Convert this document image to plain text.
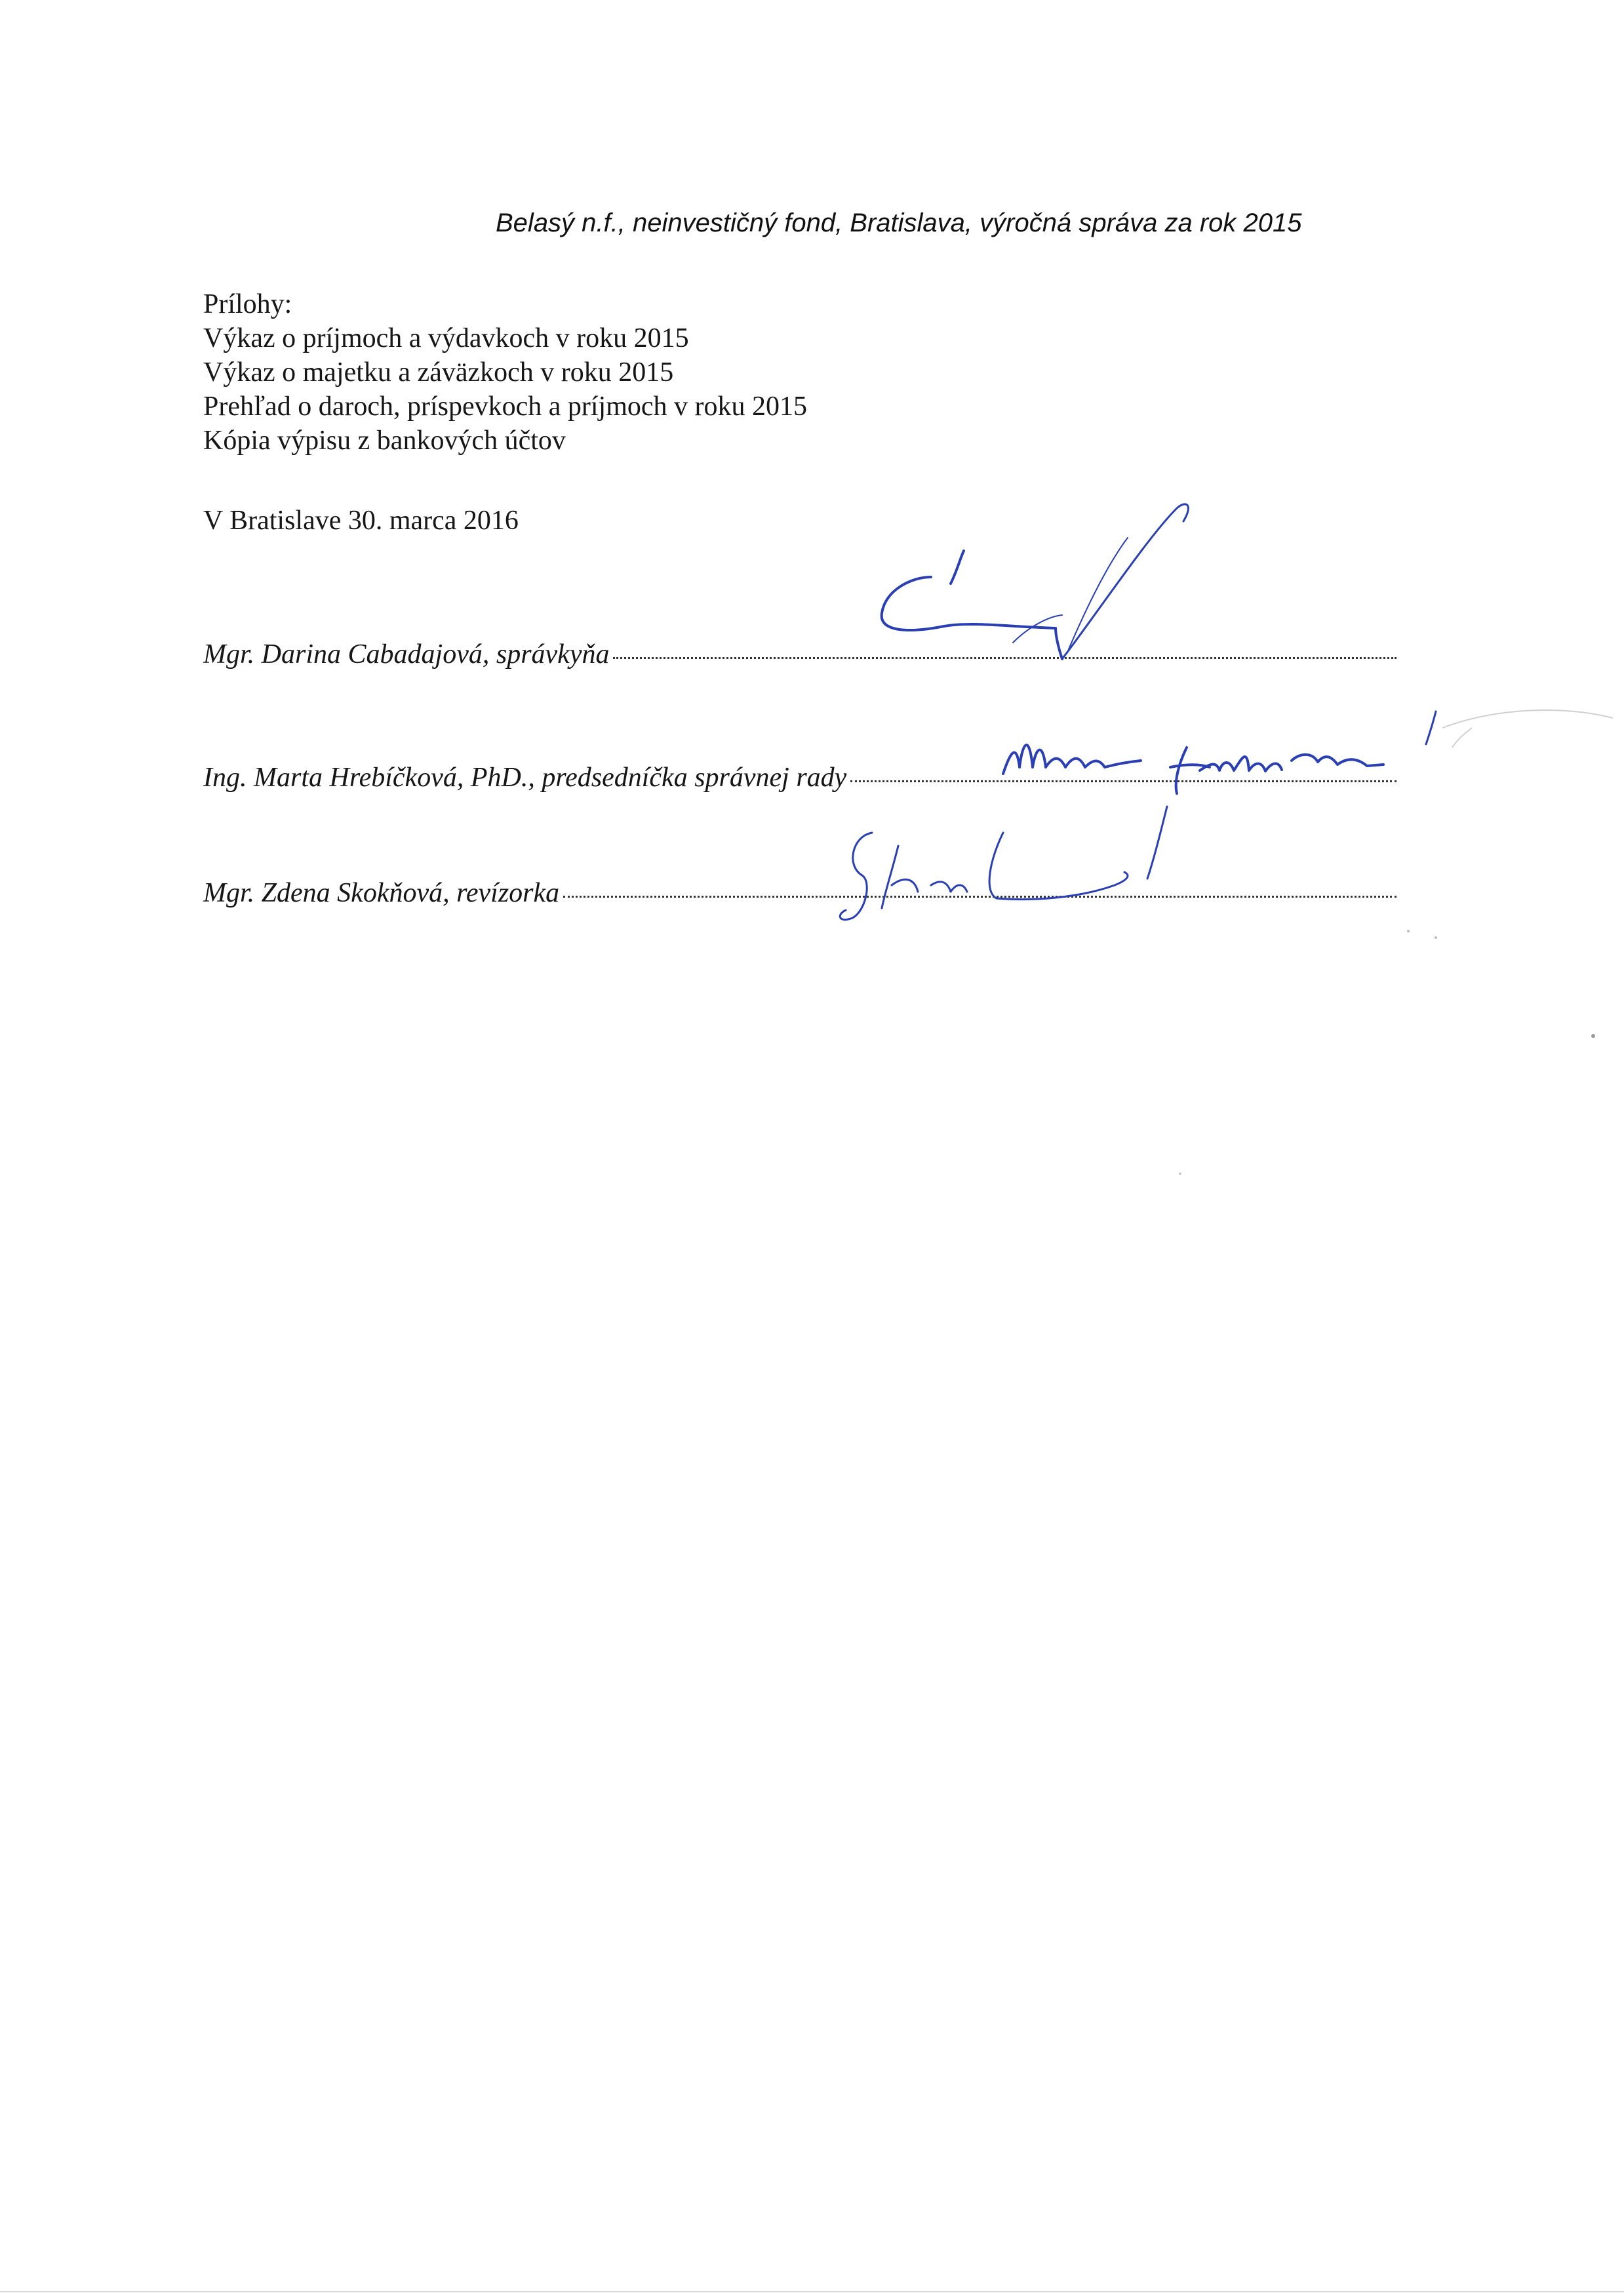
Belasý n.f., neinvestičný fond, Bratislava, výročná správa za rok 2015
Prílohy:
Výkaz o príjmoch a výdavkoch v roku 2015
Výkaz o majetku a záväzkoch v roku 2015
Prehľad o daroch, príspevkoch a príjmoch v roku 2015
Kópia výpisu z bankových účtov
V Bratislave 30. marca 2016
Mgr. Darina Cabadajová, správkyňa
Ing. Marta Hrebíčková, PhD., predsedníčka správnej rady
Mgr. Zdena Skokňová, revízorka
